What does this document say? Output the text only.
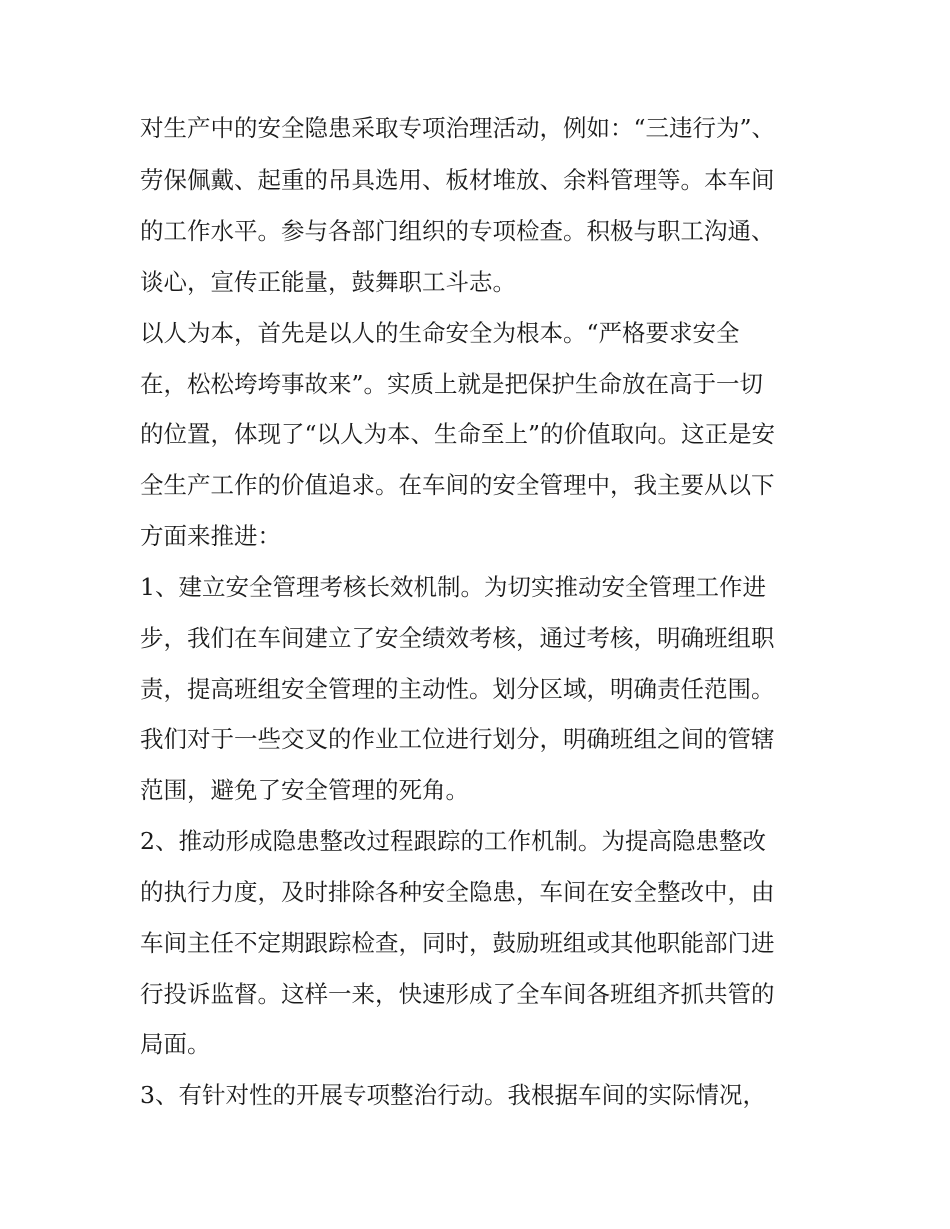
对生产中的安全隐患采取专项治理活动，例如：“三违行为”、
劳保佩戴、起重的吊具选用、板材堆放、余料管理等。本车间
的工作水平。参与各部门组织的专项检查。积极与职工沟通、
谈心，宣传正能量，鼓舞职工斗志。
以人为本，首先是以人的生命安全为根本。“严格要求安全
在，松松垮垮事故来”。实质上就是把保护生命放在高于一切
的位置，体现了“以人为本、生命至上”的价值取向。这正是安
全生产工作的价值追求。在车间的安全管理中，我主要从以下
方面来推进：
1、建立安全管理考核长效机制。为切实推动安全管理工作进
步，我们在车间建立了安全绩效考核，通过考核，明确班组职
责，提高班组安全管理的主动性。划分区域，明确责任范围。
我们对于一些交叉的作业工位进行划分，明确班组之间的管辖
范围，避免了安全管理的死角。
2、推动形成隐患整改过程跟踪的工作机制。为提高隐患整改
的执行力度，及时排除各种安全隐患，车间在安全整改中，由
车间主任不定期跟踪检查，同时，鼓励班组或其他职能部门进
行投诉监督。这样一来，快速形成了全车间各班组齐抓共管的
局面。
3、有针对性的开展专项整治行动。我根据车间的实际情况，
